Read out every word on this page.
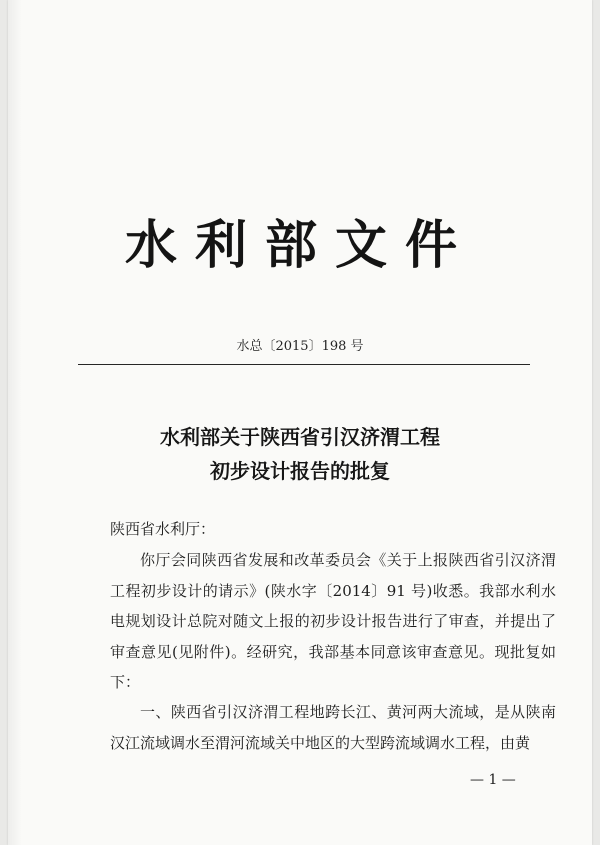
水利部文件
水总〔2015〕198 号
水利部关于陕西省引汉济渭工程
初步设计报告的批复
陕西省水利厅：

你厅会同陕西省发展和改革委员会《关于上报陕西省引汉济渭工程初步设计的请示》(陕水字〔2014〕91 号)收悉。我部水利水电规划设计总院对随文上报的初步设计报告进行了审查，并提出了审查意见(见附件)。经研究，我部基本同意该审查意见。现批复如下：

一、陕西省引汉济渭工程地跨长江、黄河两大流域，是从陕南汉江流域调水至渭河流域关中地区的大型跨流域调水工程，由黄

— 1 —
